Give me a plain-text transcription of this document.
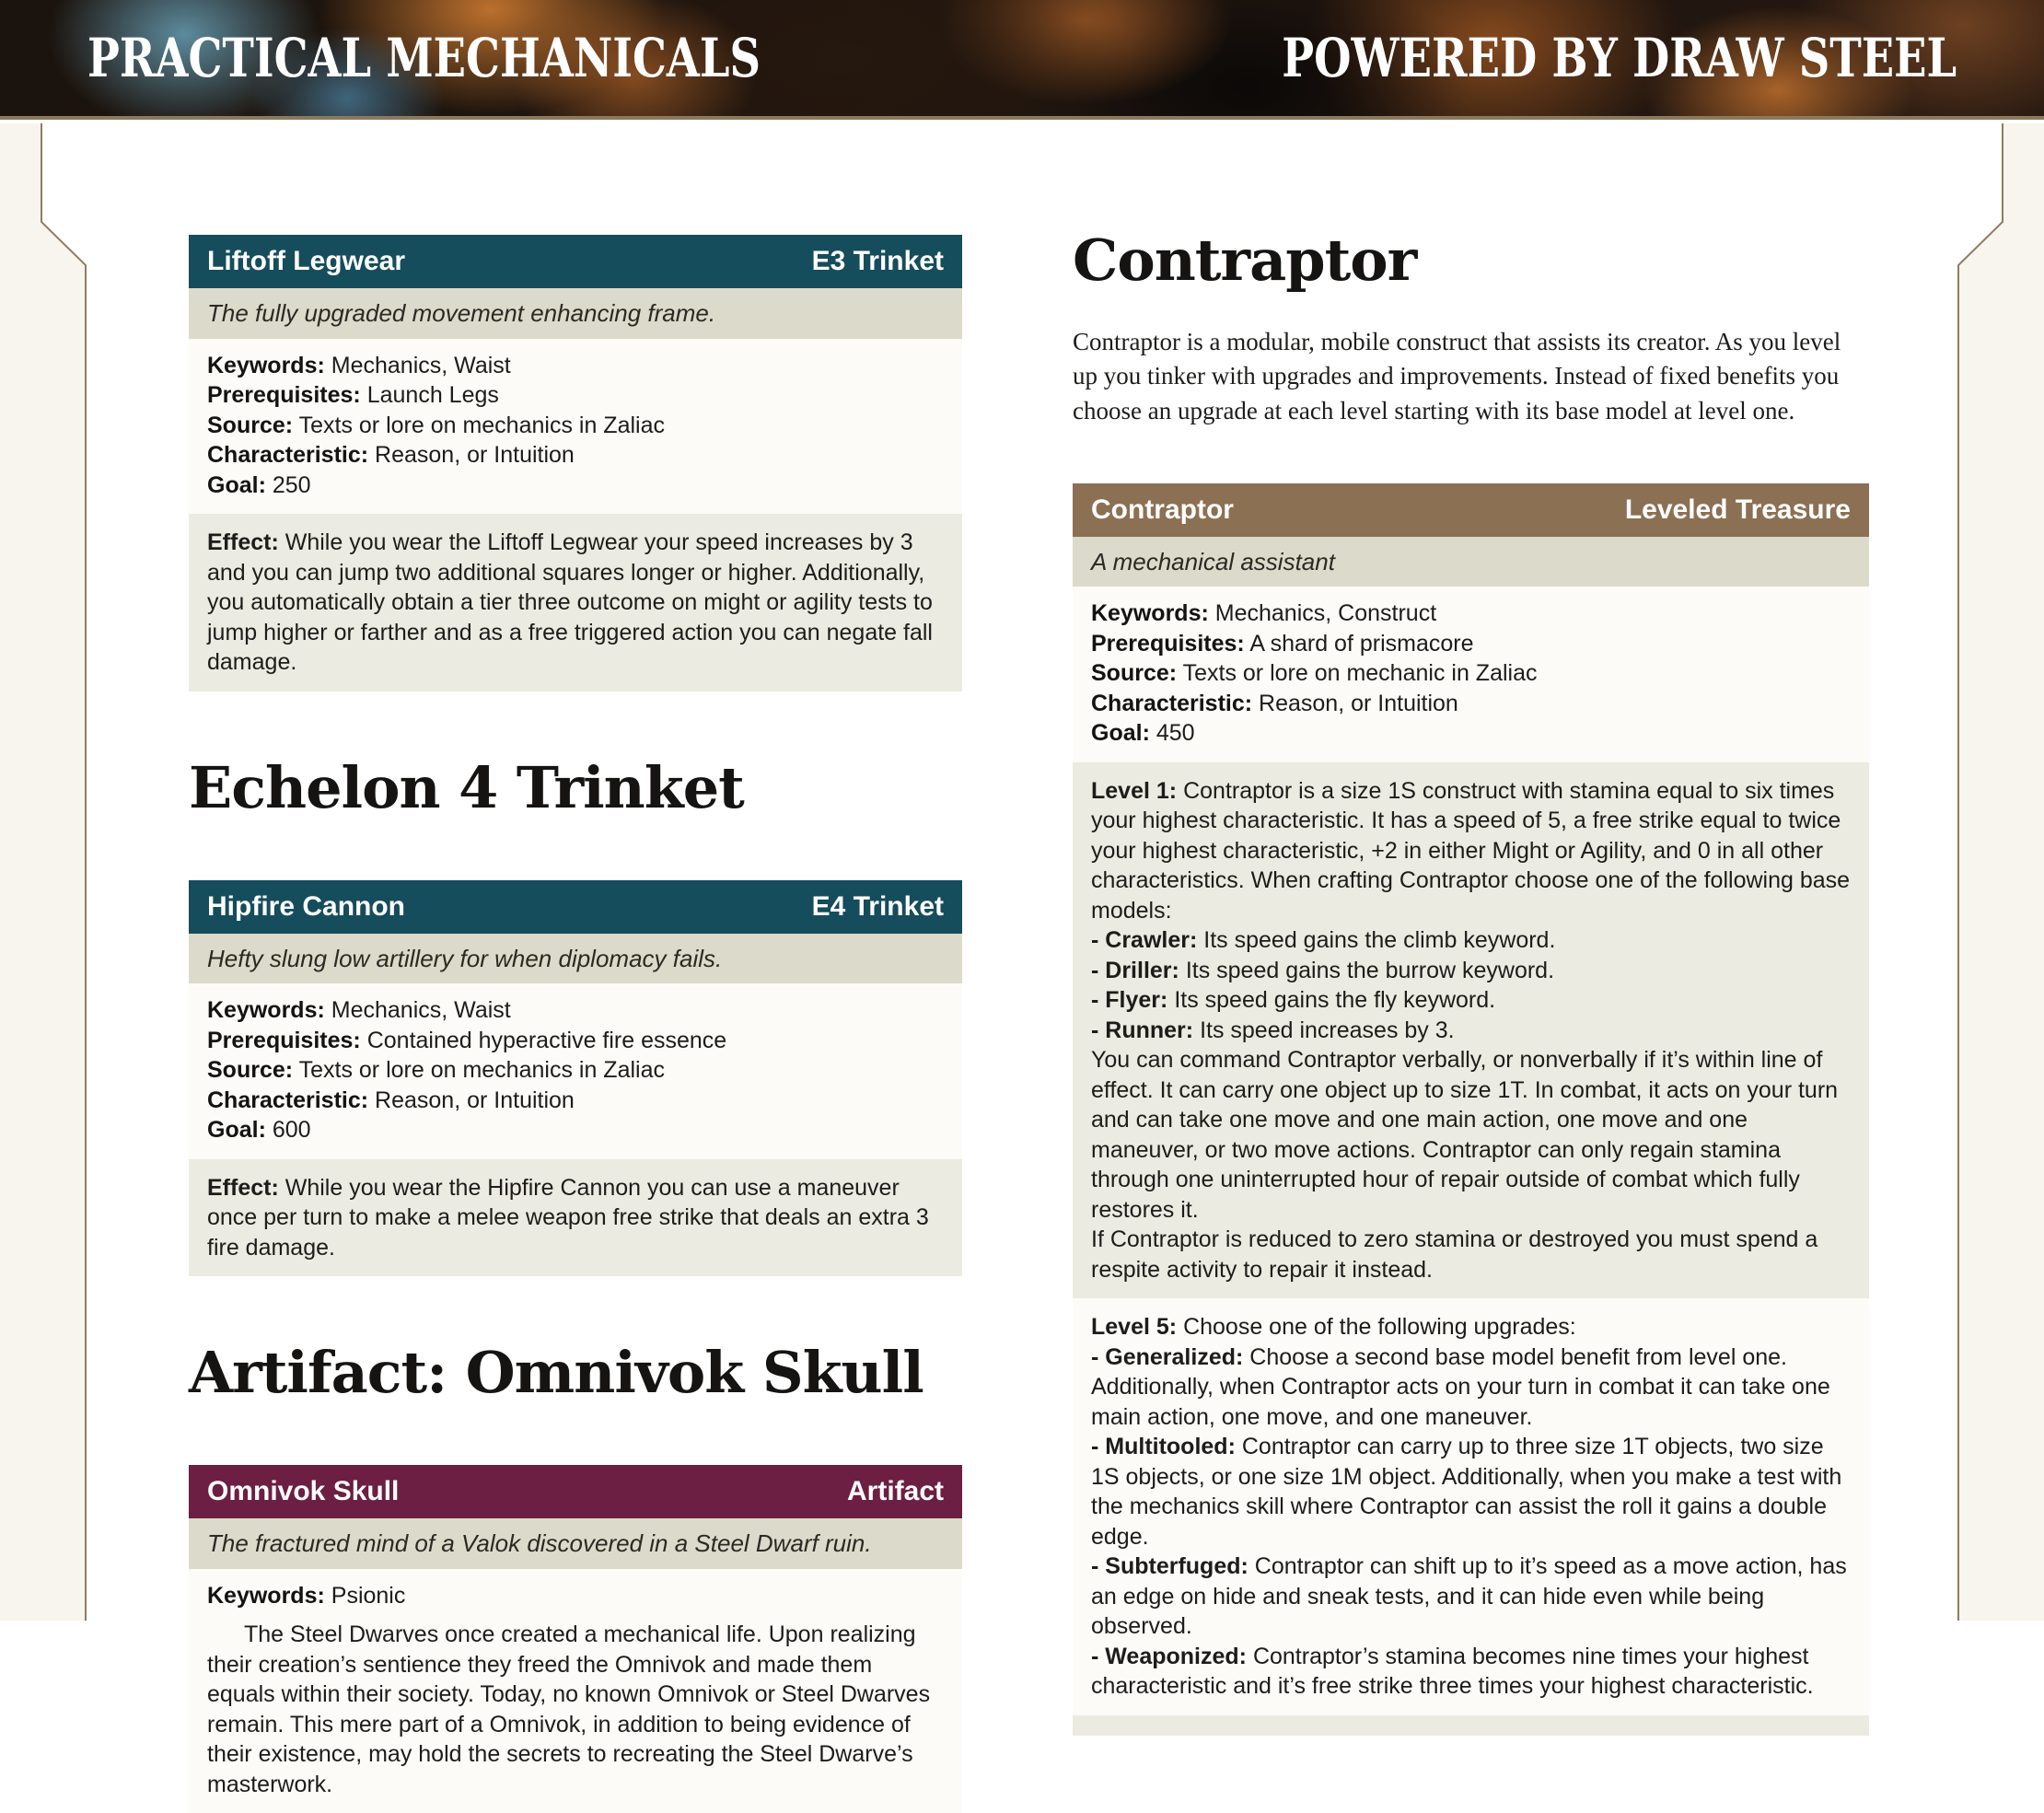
PRACTICAL MECHANICALS	POWERED BY DRAW STEEL
Liftoff Legwear	E3 Trinket
The fully upgraded movement enhancing frame.
Keywords: Mechanics, Waist
Prerequisites: Launch Legs
Source: Texts or lore on mechanics in Zaliac
Characteristic: Reason, or Intuition
Goal: 250
Effect: While you wear the Liftoff Legwear your speed increases by 3 and you can jump two additional squares longer or higher. Additionally, you automatically obtain a tier three outcome on might or agility tests to jump higher or farther and as a free triggered action you can negate fall damage.
Echelon 4 Trinket
Hipfire Cannon	E4 Trinket
Hefty slung low artillery for when diplomacy fails.
Keywords: Mechanics, Waist
Prerequisites: Contained hyperactive fire essence
Source: Texts or lore on mechanics in Zaliac
Characteristic: Reason, or Intuition
Goal: 600
Effect: While you wear the Hipfire Cannon you can use a maneuver once per turn to make a melee weapon free strike that deals an extra 3 fire damage.
Artifact: Omnivok Skull
Omnivok Skull	Artifact
The fractured mind of a Valok discovered in a Steel Dwarf ruin.
Keywords: Psionic

The Steel Dwarves once created a mechanical life. Upon realizing their creation’s sentience they freed the Omnivok and made them equals within their society. Today, no known Omnivok or Steel Dwarves remain. This mere part of a Omnivok, in addition to being evidence of their existence, may hold the secrets to recreating the Steel Dwarve’s masterwork.

Contraptor

Contraptor is a modular, mobile construct that assists its creator. As you level up you tinker with upgrades and improvements. Instead of fixed benefits you choose an upgrade at each level starting with its base model at level one.

Contraptor	Leveled Treasure
A mechanical assistant
Keywords: Mechanics, Construct
Prerequisites: A shard of prismacore
Source: Texts or lore on mechanic in Zaliac
Characteristic: Reason, or Intuition
Goal: 450
Level 1: Contraptor is a size 1S construct with stamina equal to six times your highest characteristic. It has a speed of 5, a free strike equal to twice your highest characteristic, +2 in either Might or Agility, and 0 in all other characteristics. When crafting Contraptor choose one of the following base models:
- Crawler: Its speed gains the climb keyword.
- Driller: Its speed gains the burrow keyword.
- Flyer: Its speed gains the fly keyword.
- Runner: Its speed increases by 3.
You can command Contraptor verbally, or nonverbally if it’s within line of effect. It can carry one object up to size 1T. In combat, it acts on your turn and can take one move and one main action, one move and one maneuver, or two move actions. Contraptor can only regain stamina through one uninterrupted hour of repair outside of combat which fully restores it.
If Contraptor is reduced to zero stamina or destroyed you must spend a respite activity to repair it instead.
Level 5: Choose one of the following upgrades:
- Generalized: Choose a second base model benefit from level one. Additionally, when Contraptor acts on your turn in combat it can take one main action, one move, and one maneuver.
- Multitooled: Contraptor can carry up to three size 1T objects, two size 1S objects, or one size 1M object. Additionally, when you make a test with the mechanics skill where Contraptor can assist the roll it gains a double edge.
- Subterfuged: Contraptor can shift up to it’s speed as a move action, has an edge on hide and sneak tests, and it can hide even while being observed.
- Weaponized: Contraptor’s stamina becomes nine times your highest characteristic and it’s free strike three times your highest characteristic.
